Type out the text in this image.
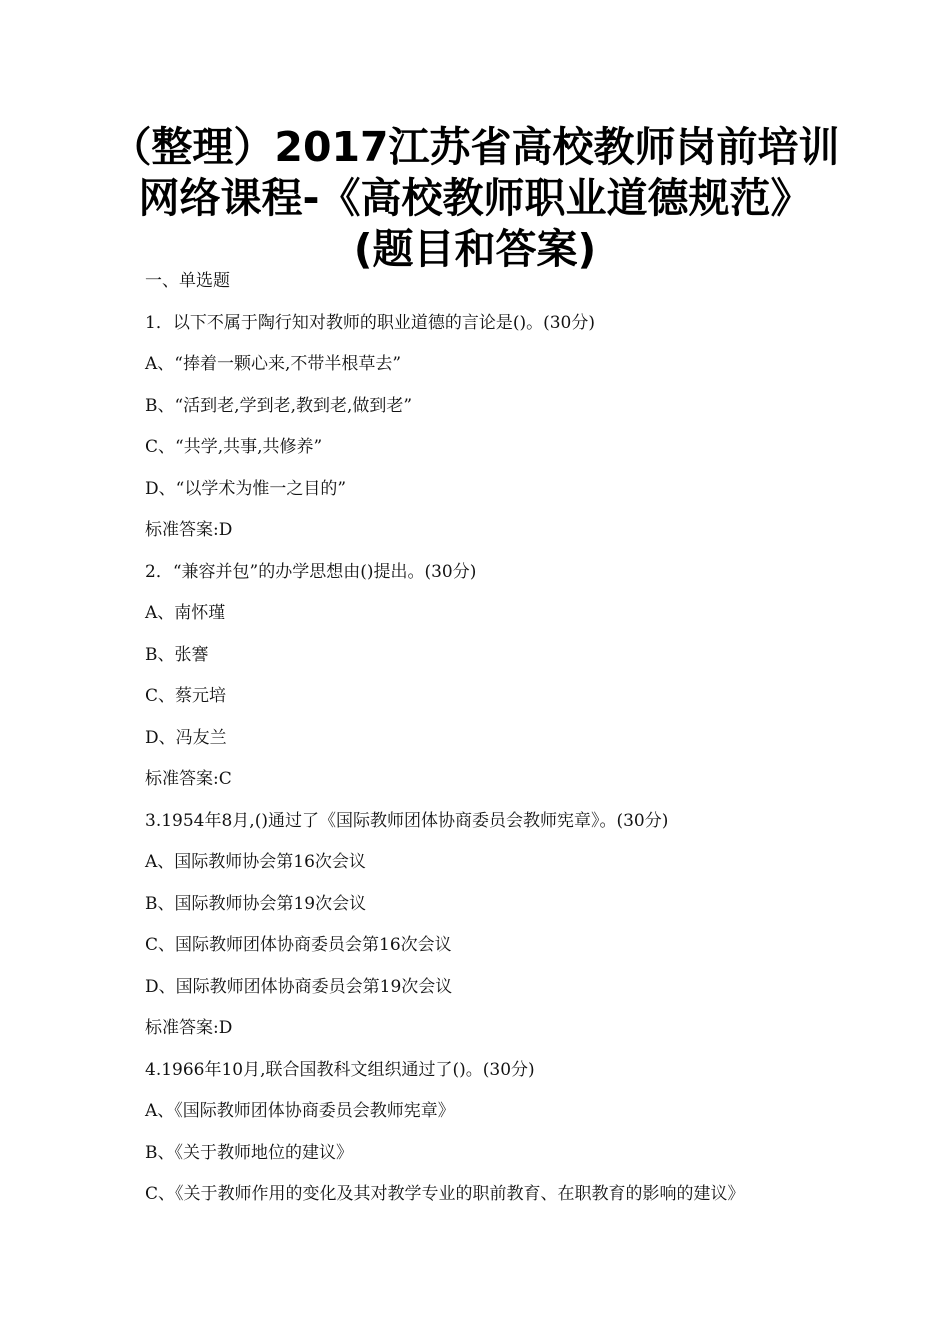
（整理）2017江苏省高校教师岗前培训网络课程-《高校教师职业道德规范》(题目和答案)
一、单选题
1．以下不属于陶行知对教师的职业道德的言论是()。(30分)
A、“捧着一颗心来,不带半根草去”
B、“活到老,学到老,教到老,做到老”
C、“共学,共事,共修养”
D、“以学术为惟一之目的”
标准答案:D
2．“兼容并包”的办学思想由()提出。(30分)
A、南怀瑾
B、张謇
C、蔡元培
D、冯友兰
标准答案:C
3.1954年8月,()通过了《国际教师团体协商委员会教师宪章》。(30分)
A、国际教师协会第16次会议
B、国际教师协会第19次会议
C、国际教师团体协商委员会第16次会议
D、国际教师团体协商委员会第19次会议
标准答案:D
4.1966年10月,联合国教科文组织通过了()。(30分)
A、《国际教师团体协商委员会教师宪章》
B、《关于教师地位的建议》
C、《关于教师作用的变化及其对教学专业的职前教育、在职教育的影响的建议》
